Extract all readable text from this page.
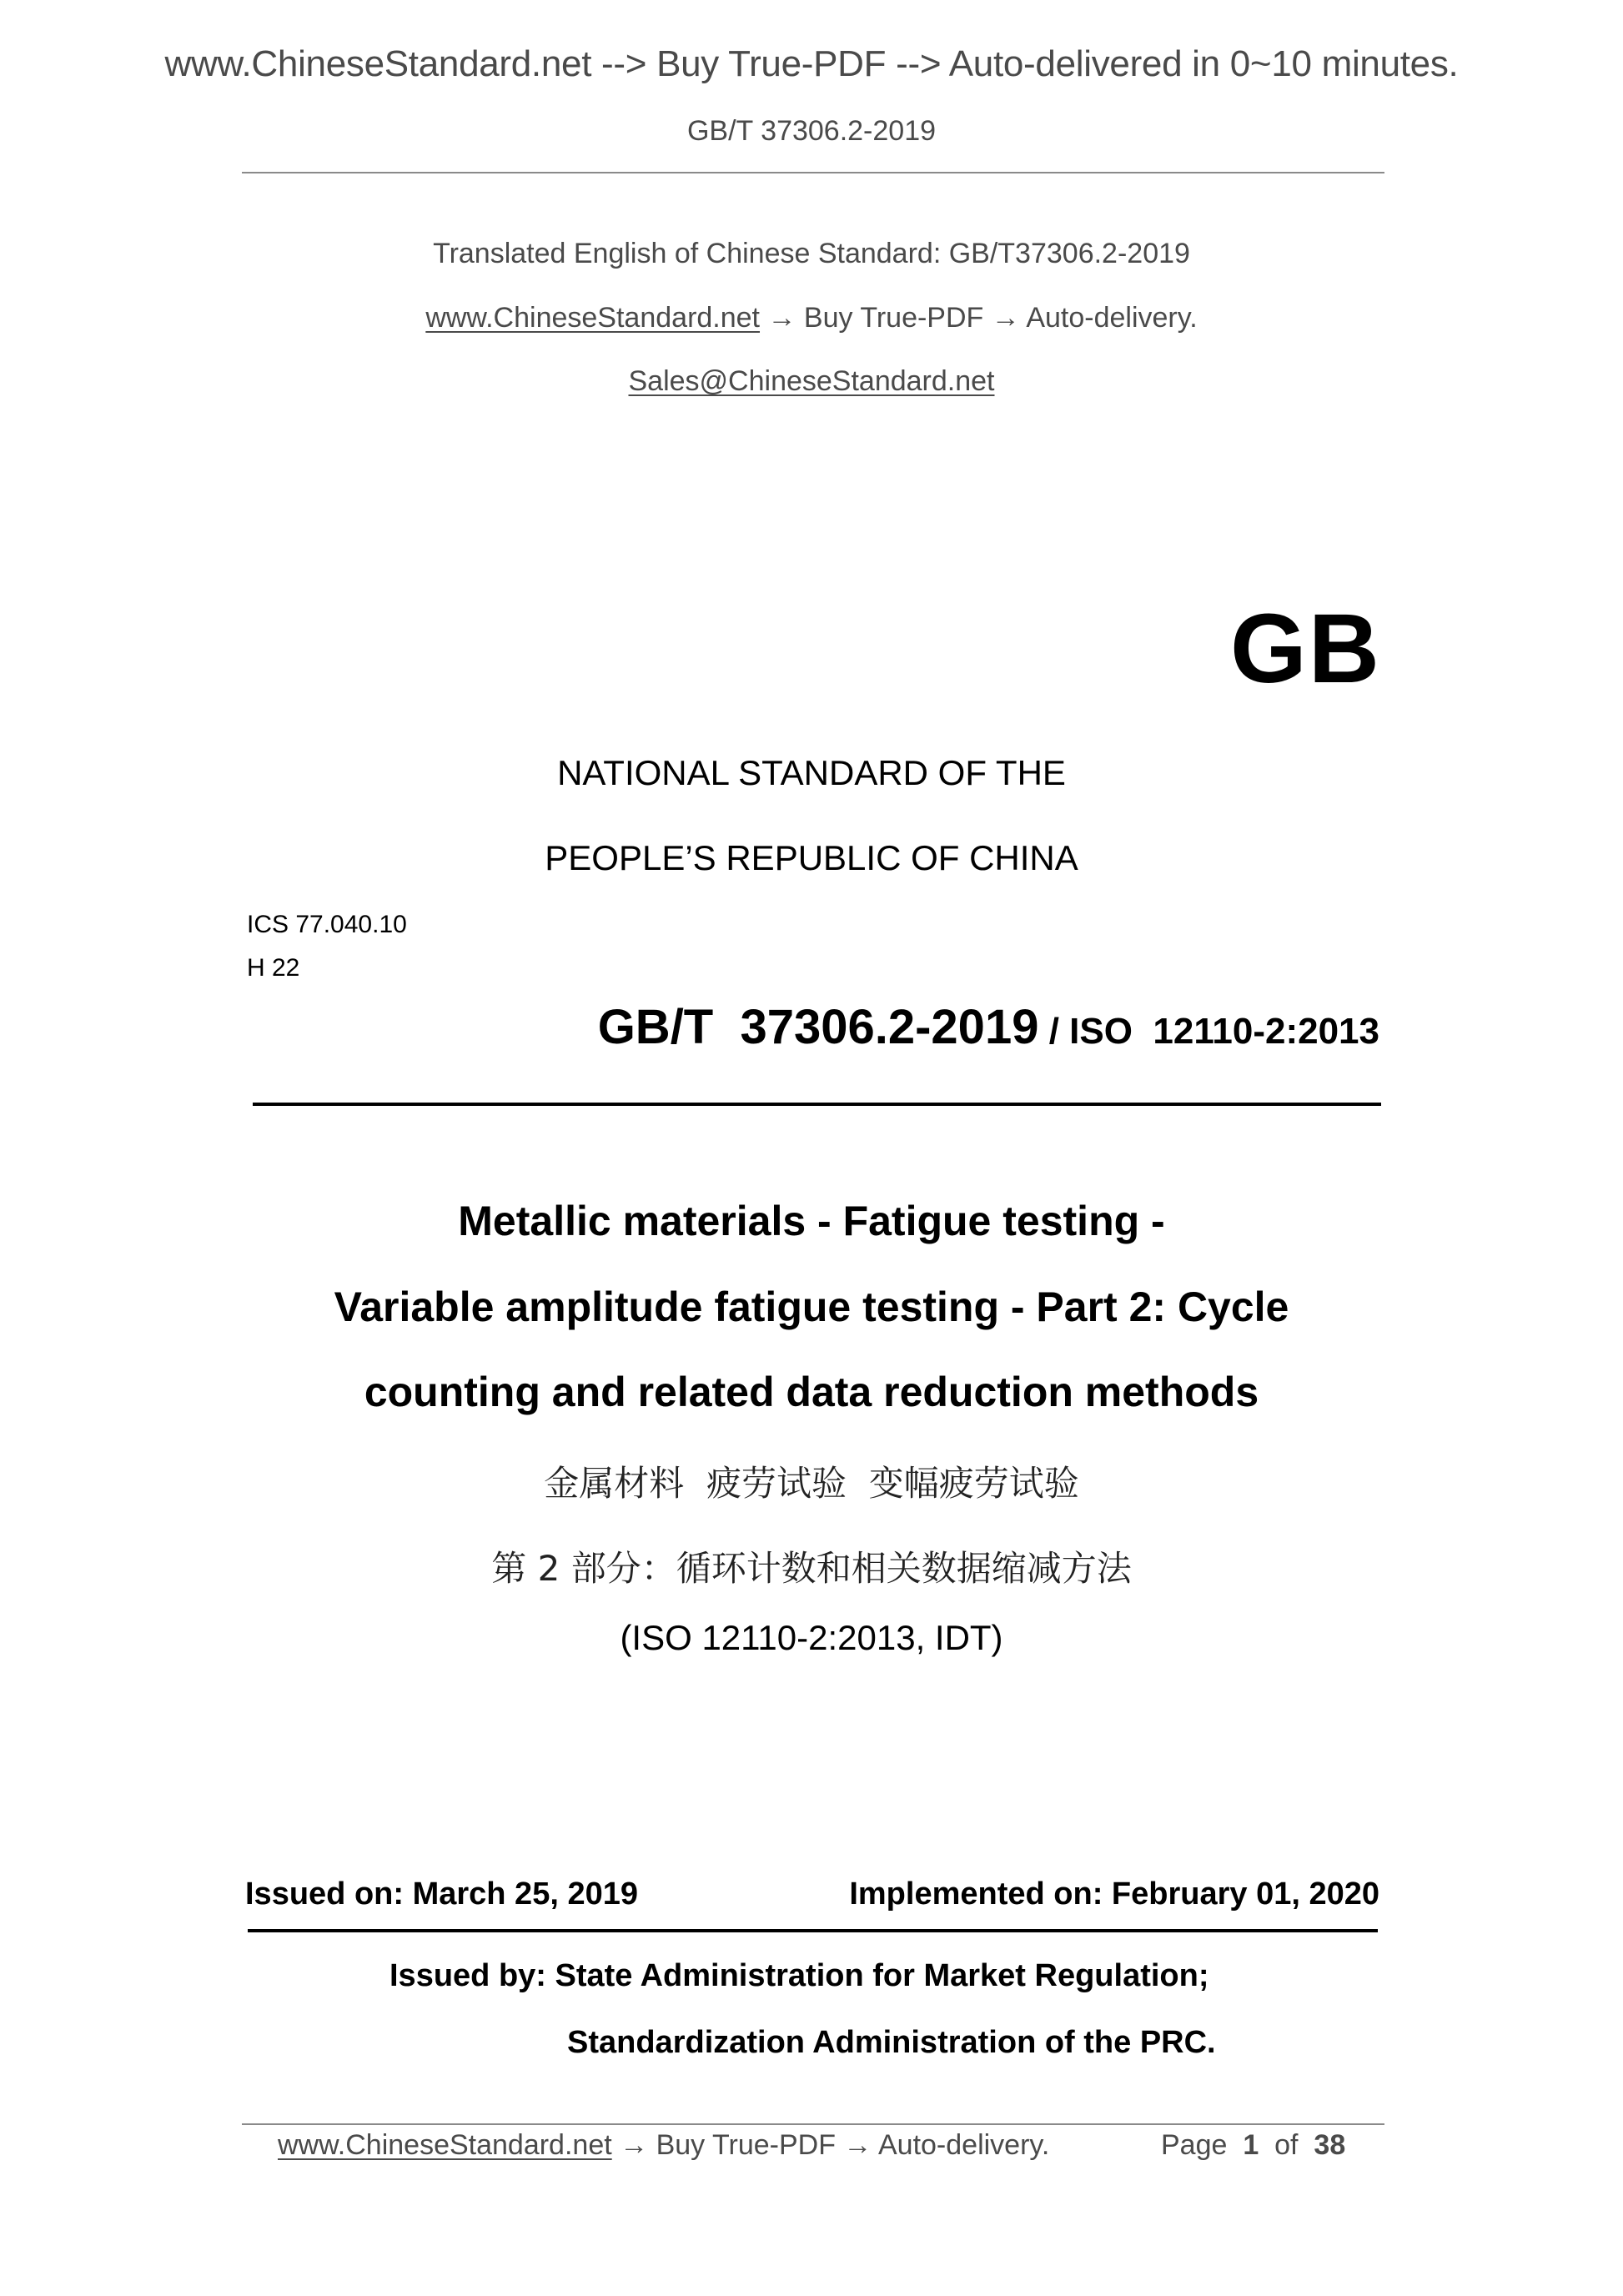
www.ChineseStandard.net --> Buy True-PDF --> Auto-delivered in 0~10 minutes.
GB/T 37306.2-2019
Translated English of Chinese Standard: GB/T37306.2-2019
www.ChineseStandard.net → Buy True-PDF → Auto-delivery.
Sales@ChineseStandard.net
GB
NATIONAL STANDARD OF THE
PEOPLE’S REPUBLIC OF CHINA
ICS 77.040.10
H 22
GB/T  37306.2-2019 / ISO  12110-2:2013
Metallic materials - Fatigue testing -
Variable amplitude fatigue testing - Part 2: Cycle
counting and related data reduction methods
金属材料  疲劳试验  变幅疲劳试验
第 2 部分：循环计数和相关数据缩减方法
(ISO 12110-2:2013, IDT)
Issued on: March 25, 2019	Implemented on: February 01, 2020
Issued by: State Administration for Market Regulation;
Standardization Administration of the PRC.
www.ChineseStandard.net → Buy True-PDF → Auto-delivery.	Page 1 of 38
